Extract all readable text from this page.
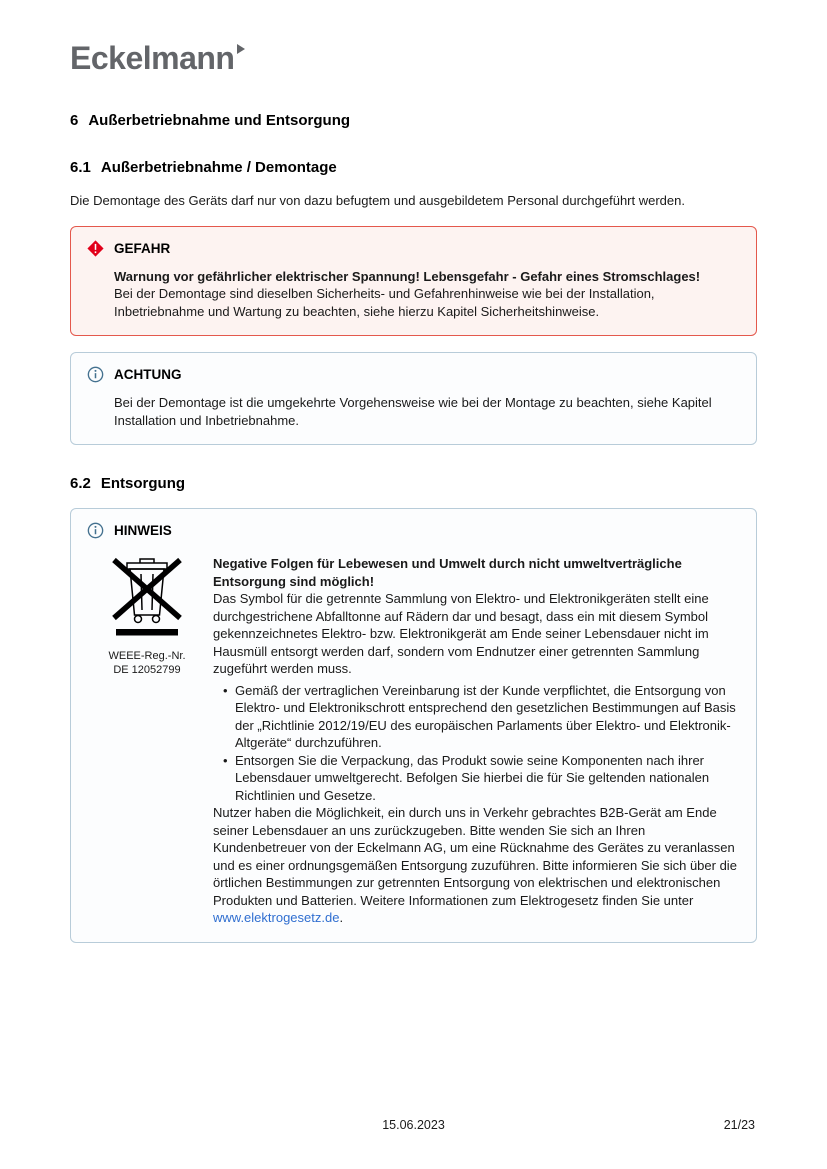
Eckelmann
6 Außerbetriebnahme und Entsorgung
6.1 Außerbetriebnahme / Demontage

Die Demontage des Geräts darf nur von dazu befugtem und ausgebildetem Personal durchgeführt werden.

GEFAHR
Warnung vor gefährlicher elektrischer Spannung! Lebensgefahr - Gefahr eines Stromschlages!
Bei der Demontage sind dieselben Sicherheits- und Gefahrenhinweise wie bei der Installation, Inbetriebnahme und Wartung zu beachten, siehe hierzu Kapitel Sicherheitshinweise.
ACHTUNG
Bei der Demontage ist die umgekehrte Vorgehensweise wie bei der Montage zu beachten, siehe Kapitel Installation und Inbetriebnahme.
6.2 Entsorgung
HINWEIS
WEEE-Reg.-Nr.
DE 12052799
Negative Folgen für Lebewesen und Umwelt durch nicht umweltverträgliche Entsorgung sind möglich!

Das Symbol für die getrennte Sammlung von Elektro- und Elektronikgeräten stellt eine durchgestrichene Abfalltonne auf Rädern dar und besagt, dass ein mit diesem Symbol gekennzeichnetes Elektro- bzw. Elektronikgerät am Ende seiner Lebensdauer nicht im Hausmüll entsorgt werden darf, sondern vom Endnutzer einer getrennten Sammlung zugeführt werden muss.

• Gemäß der vertraglichen Vereinbarung ist der Kunde verpflichtet, die Entsorgung von Elektro- und Elektronikschrott entsprechend den gesetzlichen Bestimmungen auf Basis der „Richtlinie 2012/19/EU des europäischen Parlaments über Elektro- und Elektronik-Altgeräte“ durchzuführen.
• Entsorgen Sie die Verpackung, das Produkt sowie seine Komponenten nach ihrer Lebensdauer umweltgerecht. Befolgen Sie hierbei die für Sie geltenden nationalen Richtlinien und Gesetze.

Nutzer haben die Möglichkeit, ein durch uns in Verkehr gebrachtes B2B-Gerät am Ende seiner Lebensdauer an uns zurückzugeben. Bitte wenden Sie sich an Ihren Kundenbetreuer von der Eckelmann AG, um eine Rücknahme des Gerätes zu veranlassen und es einer ordnungsgemäßen Entsorgung zuzuführen. Bitte informieren Sie sich über die örtlichen Bestimmungen zur getrennten Entsorgung von elektrischen und elektronischen Produkten und Batterien. Weitere Informationen zum Elektrogesetz finden Sie unter www.elektrogesetz.de.

15.06.2023	21/23
